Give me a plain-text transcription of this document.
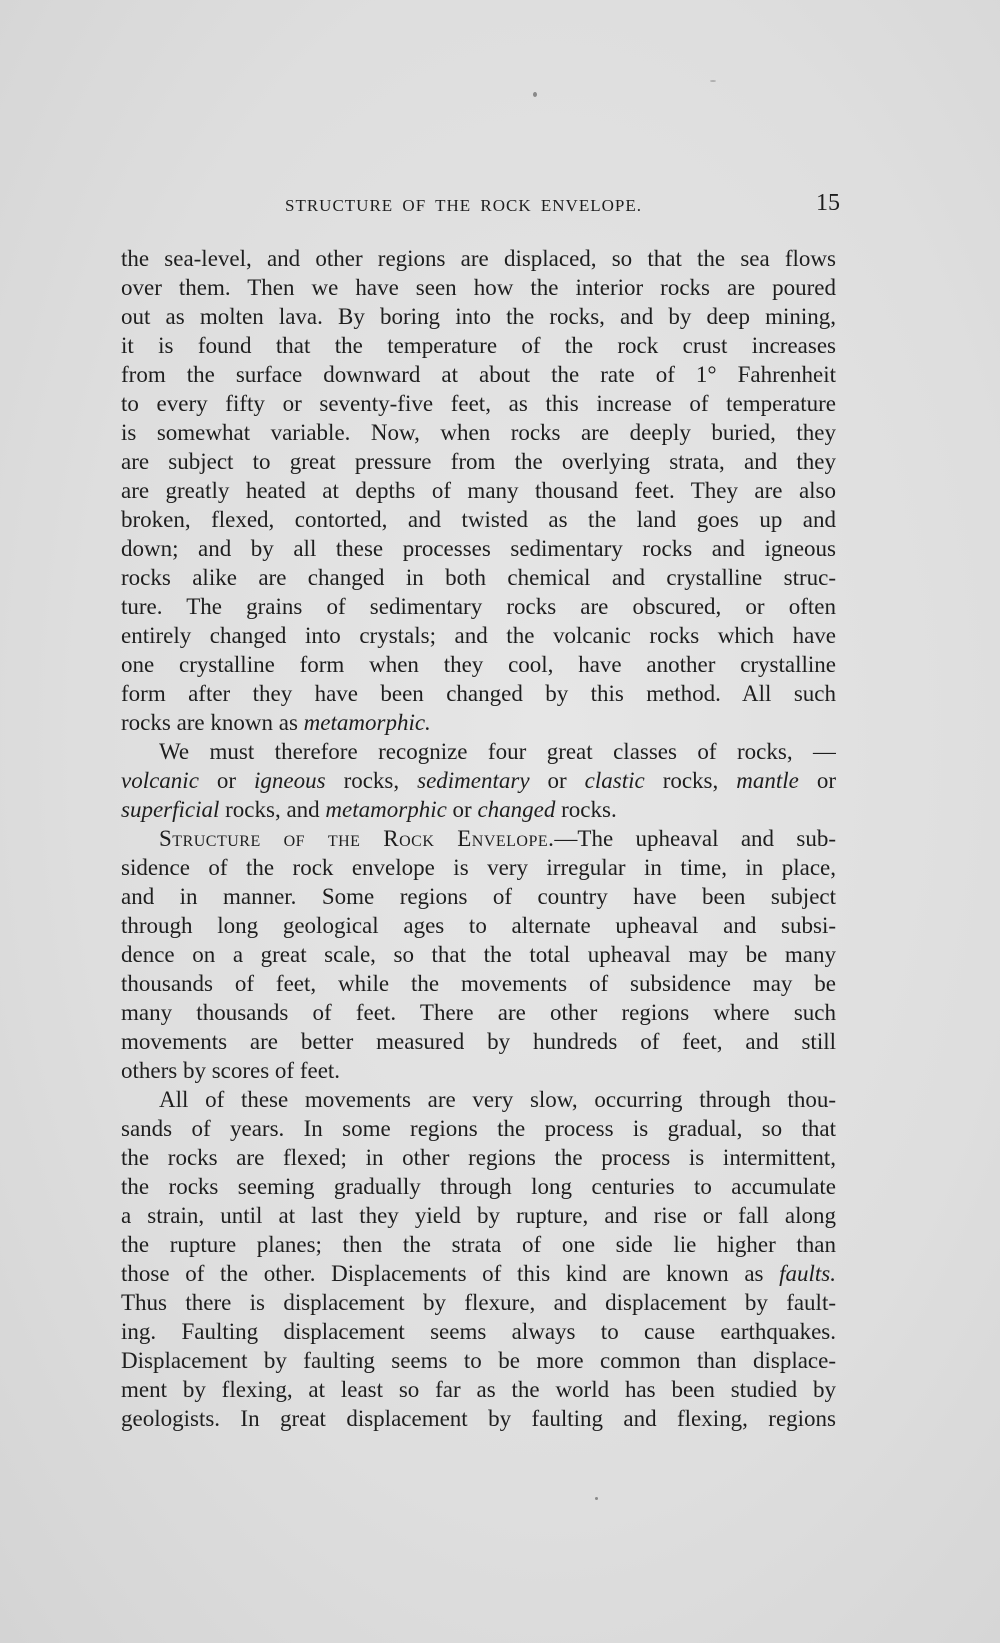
STRUCTURE OF THE ROCK ENVELOPE.	15
the sea-level, and other regions are displaced, so that the sea flows
over them. Then we have seen how the interior rocks are poured
out as molten lava. By boring into the rocks, and by deep mining,
it is found that the temperature of the rock crust increases
from the surface downward at about the rate of 1° Fahrenheit
to every fifty or seventy-five feet, as this increase of temperature
is somewhat variable. Now, when rocks are deeply buried, they
are subject to great pressure from the overlying strata, and they
are greatly heated at depths of many thousand feet. They are also
broken, flexed, contorted, and twisted as the land goes up and
down; and by all these processes sedimentary rocks and igneous
rocks alike are changed in both chemical and crystalline struc-
ture. The grains of sedimentary rocks are obscured, or often
entirely changed into crystals; and the volcanic rocks which have
one crystalline form when they cool, have another crystalline
form after they have been changed by this method. All such
rocks are known as metamorphic.
We must therefore recognize four great classes of rocks, —
volcanic or igneous rocks, sedimentary or clastic rocks, mantle or
superficial rocks, and metamorphic or changed rocks.
Structure of the Rock Envelope.—The upheaval and sub-
sidence of the rock envelope is very irregular in time, in place,
and in manner. Some regions of country have been subject
through long geological ages to alternate upheaval and subsi-
dence on a great scale, so that the total upheaval may be many
thousands of feet, while the movements of subsidence may be
many thousands of feet. There are other regions where such
movements are better measured by hundreds of feet, and still
others by scores of feet.
All of these movements are very slow, occurring through thou-
sands of years. In some regions the process is gradual, so that
the rocks are flexed; in other regions the process is intermittent,
the rocks seeming gradually through long centuries to accumulate
a strain, until at last they yield by rupture, and rise or fall along
the rupture planes; then the strata of one side lie higher than
those of the other. Displacements of this kind are known as faults.
Thus there is displacement by flexure, and displacement by fault-
ing. Faulting displacement seems always to cause earthquakes.
Displacement by faulting seems to be more common than displace-
ment by flexing, at least so far as the world has been studied by
geologists. In great displacement by faulting and flexing, regions
